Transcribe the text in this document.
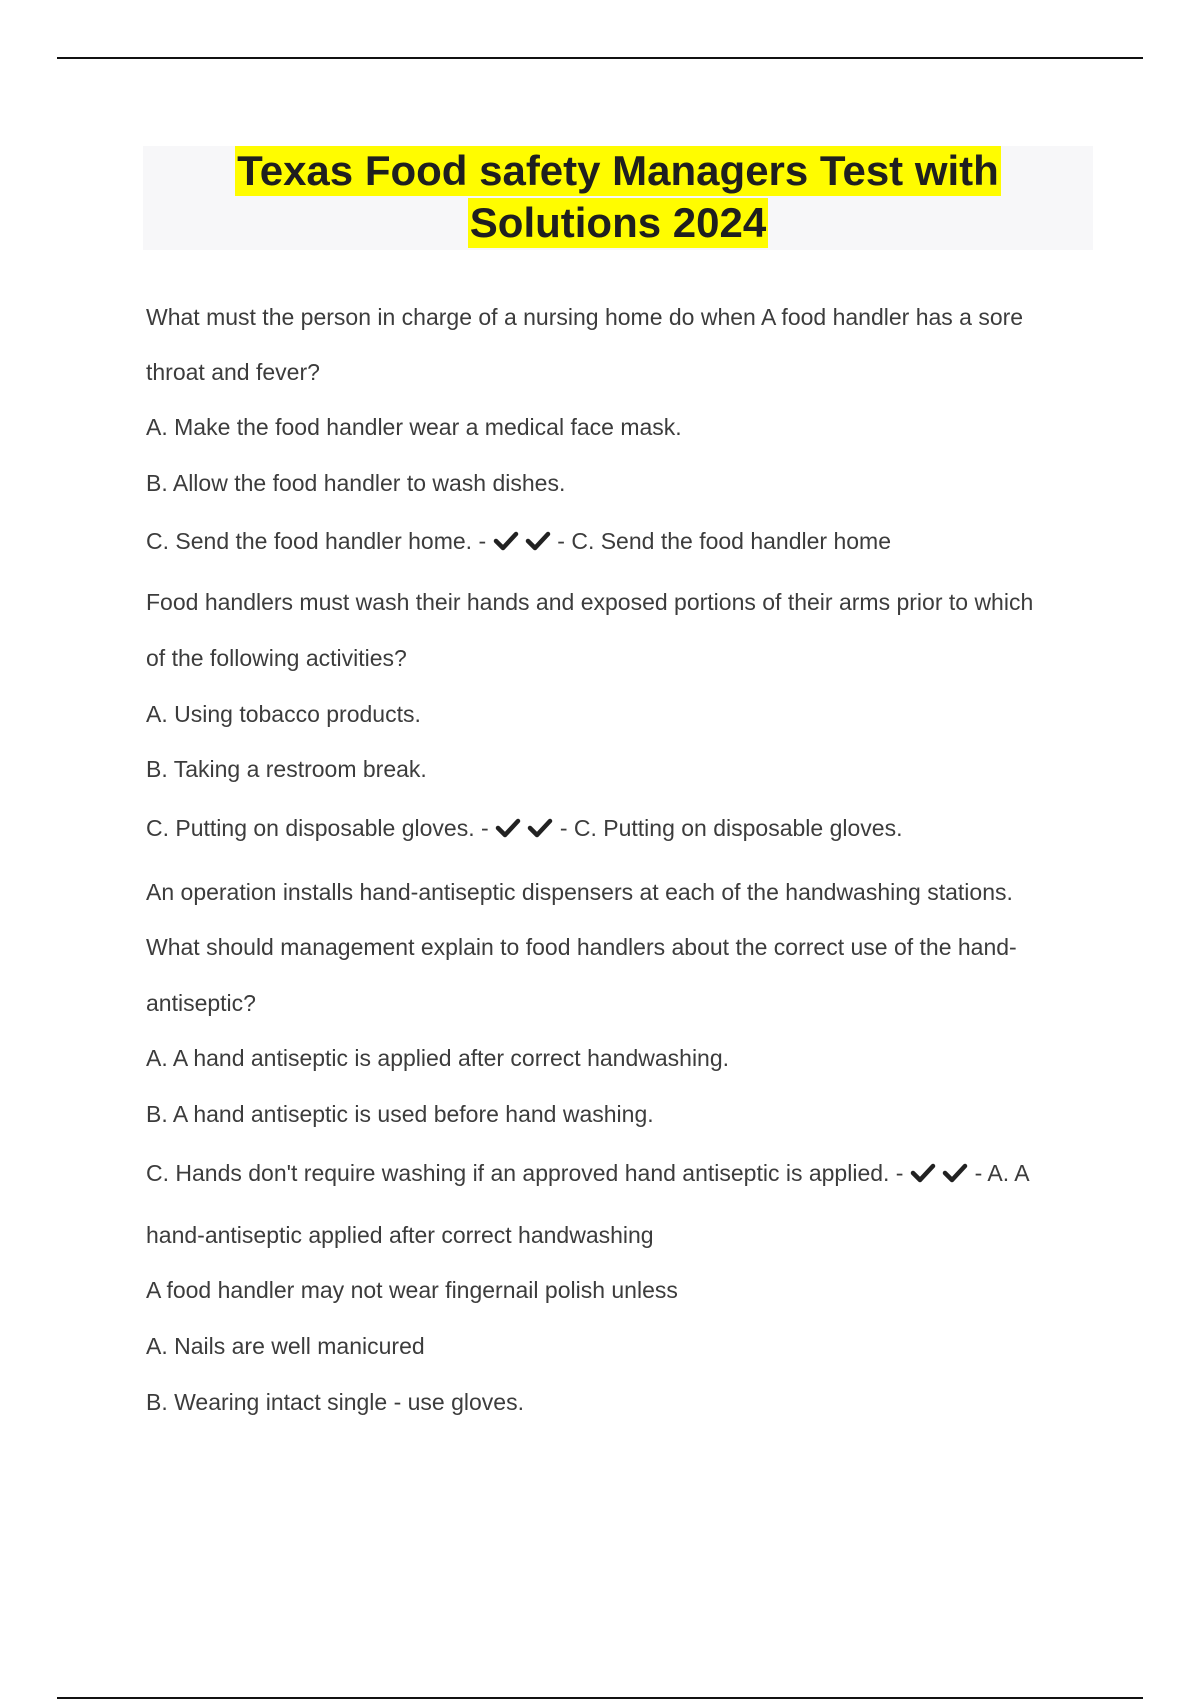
Texas Food safety Managers Test with
Solutions 2024
What must the person in charge of a nursing home do when A food handler has a sore
throat and fever?
A. Make the food handler wear a medical face mask.
B. Allow the food handler to wash dishes.
C. Send the food handler home. -
	- C. Send the food handler home
Food handlers must wash their hands and exposed portions of their arms prior to which
of the following activities?
A. Using tobacco products.
B. Taking a restroom break.
C. Putting on disposable gloves. -
	- C. Putting on disposable gloves.
An operation installs hand-antiseptic dispensers at each of the handwashing stations.
What should management explain to food handlers about the correct use of the hand-
antiseptic?
A. A hand antiseptic is applied after correct handwashing.
B. A hand antiseptic is used before hand washing.
C. Hands don't require washing if an approved hand antiseptic is applied. -
	- A. A
hand-antiseptic applied after correct handwashing
A food handler may not wear fingernail polish unless
A. Nails are well manicured
B. Wearing intact single - use gloves.
